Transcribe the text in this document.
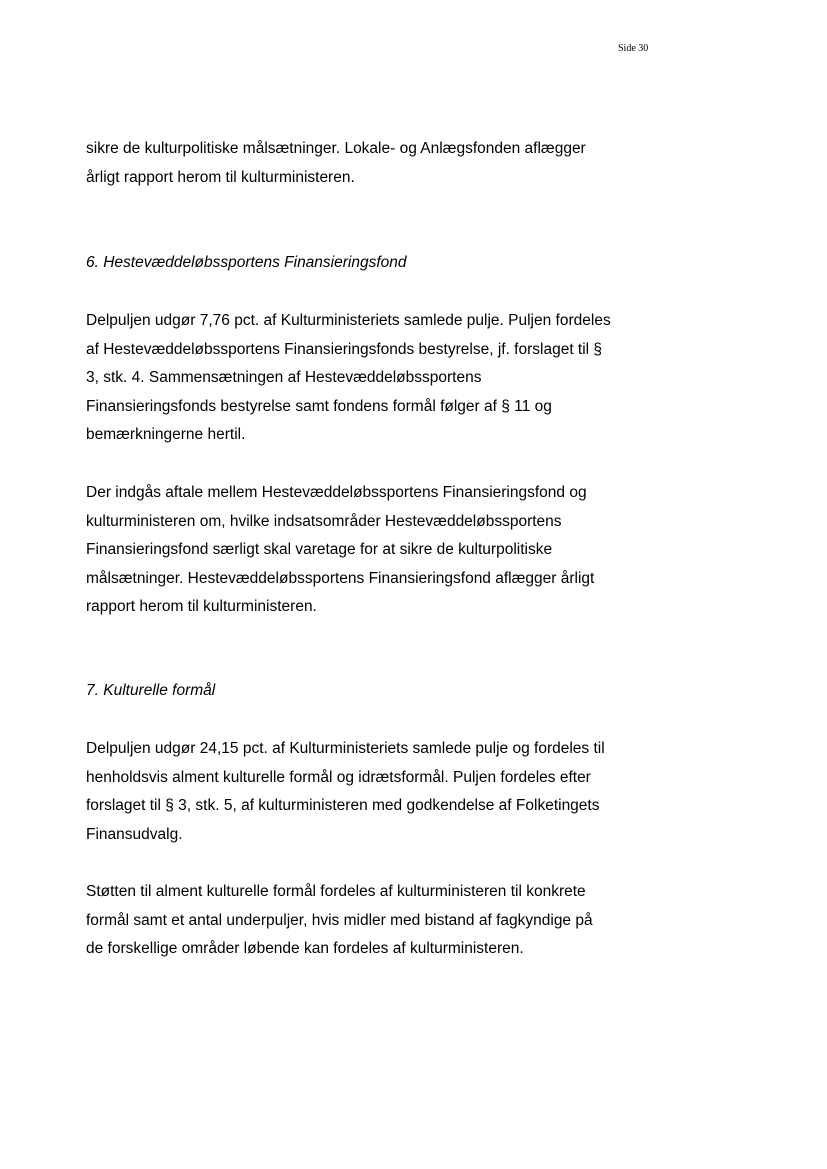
Side 30
sikre de kulturpolitiske målsætninger. Lokale- og Anlægsfonden aflægger
årligt rapport herom til kulturministeren.
6. Hestevæddeløbssportens Finansieringsfond
Delpuljen udgør 7,76 pct. af Kulturministeriets samlede pulje. Puljen fordeles
af Hestevæddeløbssportens Finansieringsfonds bestyrelse, jf. forslaget til §
3, stk. 4. Sammensætningen af Hestevæddeløbssportens
Finansieringsfonds bestyrelse samt fondens formål følger af § 11 og
bemærkningerne hertil.
Der indgås aftale mellem Hestevæddeløbssportens Finansieringsfond og
kulturministeren om, hvilke indsatsområder Hestevæddeløbssportens
Finansieringsfond særligt skal varetage for at sikre de kulturpolitiske
målsætninger. Hestevæddeløbssportens Finansieringsfond aflægger årligt
rapport herom til kulturministeren.
7. Kulturelle formål
Delpuljen udgør 24,15 pct. af Kulturministeriets samlede pulje og fordeles til
henholdsvis alment kulturelle formål og idrætsformål. Puljen fordeles efter
forslaget til § 3, stk. 5, af kulturministeren med godkendelse af Folketingets
Finansudvalg.
Støtten til alment kulturelle formål fordeles af kulturministeren til konkrete
formål samt et antal underpuljer, hvis midler med bistand af fagkyndige på
de forskellige områder løbende kan fordeles af kulturministeren.
